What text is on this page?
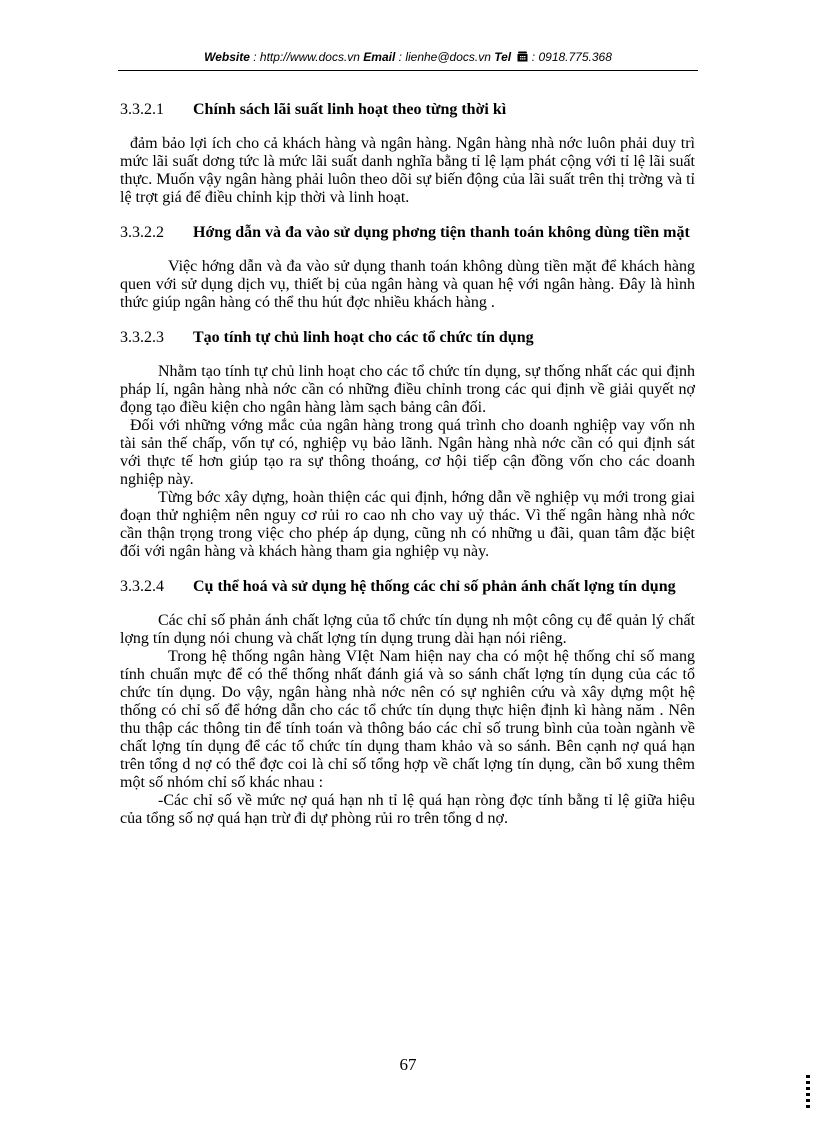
Website : http://www.docs.vn Email : lienhe@docs.vn Tel  : 0918.775.368
3.3.2.1	Chính sách lãi suất linh hoạt theo từng thời kì

đảm bảo lợi ích cho cả khách hàng và ngân hàng. Ngân hàng nhà nớc luôn phải duy trì mức lãi suất dơng tức là mức lãi suất danh nghĩa bằng tỉ lệ lạm phát cộng với tỉ lệ lãi suất thực. Muốn vậy ngân hàng phải luôn theo dõi sự biến động của lãi suất trên thị trờng và tỉ lệ trợt giá để điều chỉnh kịp thời và linh hoạt.

3.3.2.2	Hớng dẫn và đa vào sử dụng phơng tiện thanh toán không dùng tiền mặt

Việc hớng dẫn và đa vào sử dụng thanh toán không dùng tiền mặt để khách hàng quen với sử dụng dịch vụ, thiết bị của ngân hàng và quan hệ với ngân hàng. Đây là hình thức giúp ngân hàng có thể thu hút đợc nhiều khách hàng .

3.3.2.3	Tạo tính tự chủ linh hoạt cho các tổ chức tín dụng

Nhằm tạo tính tự chủ linh hoạt cho các tổ chức tín dụng, sự thống nhất các qui định pháp lí, ngân hàng nhà nớc cần có những điều chỉnh trong các qui định về giải quyết nợ đọng tạo điều kiện cho ngân hàng làm sạch bảng cân đối.

Đối với những vớng mắc của ngân hàng trong quá trình cho doanh nghiệp vay vốn nh tài sản thế chấp, vốn tự có, nghiệp vụ bảo lãnh. Ngân hàng nhà nớc cần có qui định sát với thực tế hơn giúp tạo ra sự thông thoáng, cơ hội tiếp cận đồng vốn cho các doanh nghiệp này.

Từng bớc xây dựng, hoàn thiện các qui định, hớng dẫn về nghiệp vụ mới trong giai đoạn thử nghiệm nên nguy cơ rủi ro cao nh cho vay uỷ thác. Vì thế ngân hàng nhà nớc cần thận trọng trong việc cho phép áp dụng, cũng nh có những u đãi, quan tâm đặc biệt đối với ngân hàng và khách hàng tham gia nghiệp vụ này.

3.3.2.4	Cụ thể hoá và sử dụng hệ thống các chỉ số phản ánh chất lợng tín dụng

Các chỉ số phản ánh chất lợng của tổ chức tín dụng nh một công cụ để quản lý chất lợng tín dụng nói chung và chất lợng tín dụng trung dài hạn nói riêng.

Trong hệ thống ngân hàng VIệt Nam hiện nay cha có một hệ thống chỉ số mang tính chuẩn mực để có thể thống nhất đánh giá và so sánh chất lợng tín dụng của các tổ chức tín dụng. Do vậy, ngân hàng nhà nớc nên có sự nghiên cứu và xây dựng một hệ thống có chỉ số để hớng dẫn cho các tổ chức tín dụng thực hiện định kì hàng năm . Nên thu thập các thông tin để tính toán và thông báo các chỉ số trung bình của toàn ngành về chất lợng tín dụng để các tổ chức tín dụng tham khảo và so sánh. Bên cạnh nợ quá hạn trên tổng d nợ có thể đợc coi là chỉ số tổng hợp về chất lợng tín dụng, cần bổ xung thêm một số nhóm chỉ số khác nhau :

-Các chỉ số về mức nợ quá hạn nh tỉ lệ quá hạn ròng đợc tính bằng tỉ lệ giữa hiệu của tổng số nợ quá hạn trừ đi dự phòng rủi ro trên tổng d nợ.

67
